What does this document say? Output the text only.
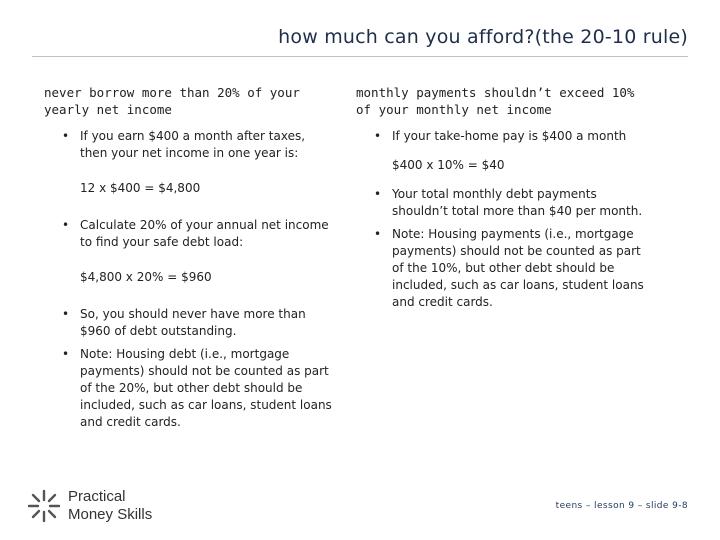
how much can you afford?(the 20-10 rule)

never borrow more than 20% of your yearly net income

• If you earn $400 a month after taxes, then your net income in one year is:
12 x $400 = $4,800
• Calculate 20% of your annual net income to find your safe debt load:
$4,800 x 20% = $960
• So, you should never have more than $960 of debt outstanding.
• Note: Housing debt (i.e., mortgage payments) should not be counted as part of the 20%, but other debt should be included, such as car loans, student loans and credit cards.

monthly payments shouldn’t exceed 10% of your monthly net income

• If your take-home pay is $400 a month
$400 x 10% = $40
• Your total monthly debt payments shouldn’t total more than $40 per month.
• Note: Housing payments (i.e., mortgage payments) should not be counted as part of the 10%, but other debt should be included, such as car loans, student loans and credit cards.
Practical
Money Skills	teens – lesson 9 – slide 9-8
